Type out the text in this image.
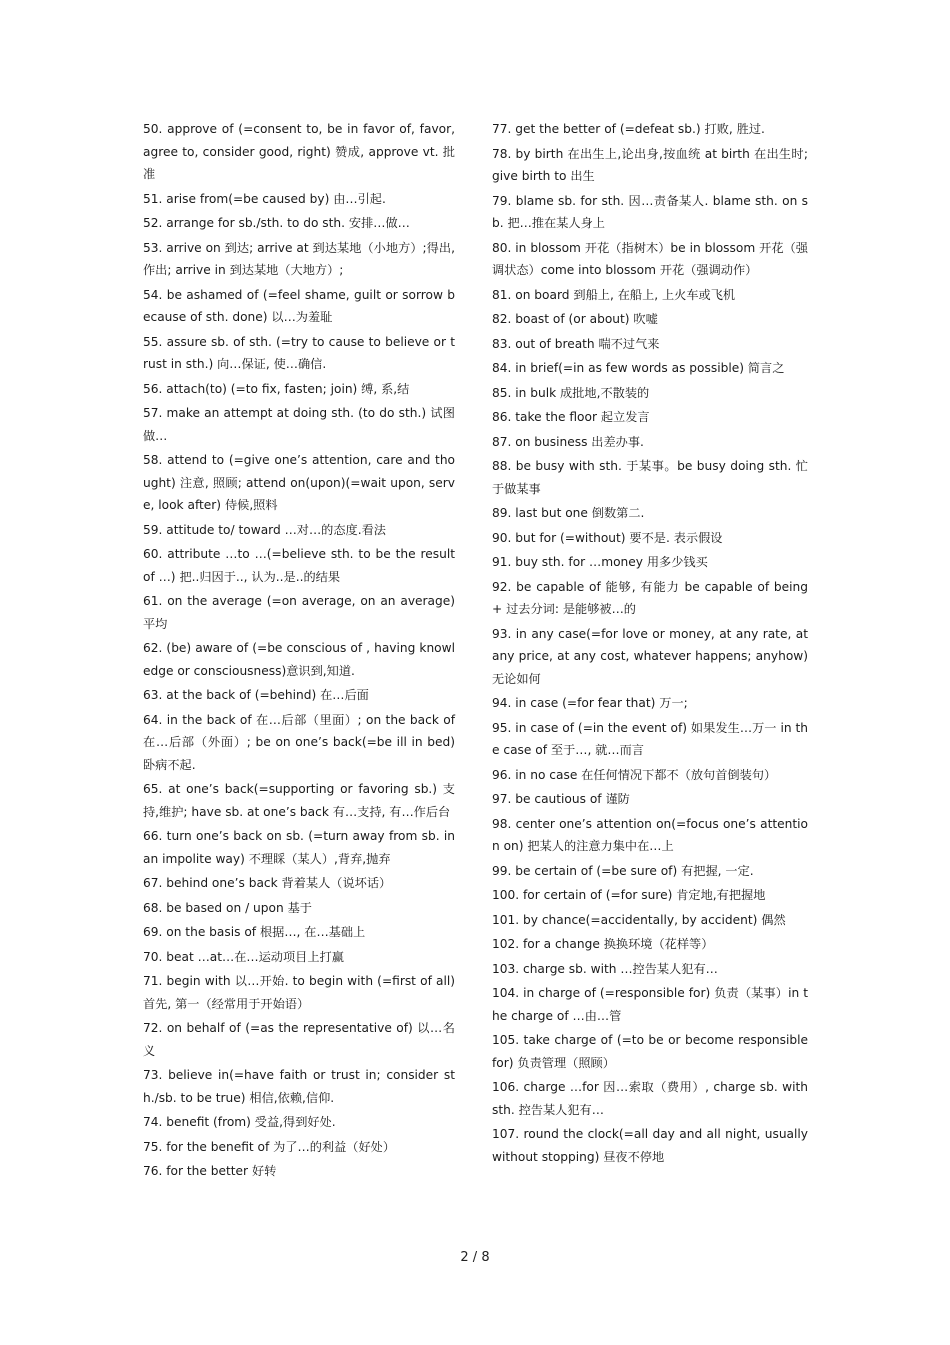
50. approve of (=consent to, be in favor of, favor, agree to, consider good, right) 赞成, approve vt. 批准

51. arise from(=be caused by) 由…引起.

52. arrange for sb./sth. to do sth. 安排…做…

53. arrive on 到达; arrive at 到达某地（小地方）;得出, 作出; arrive in 到达某地（大地方）;

54. be ashamed of (=feel shame, guilt or sorrow because of sth. done) 以…为羞耻

55. assure sb. of sth. (=try to cause to believe or trust in sth.) 向…保证, 使…确信.

56. attach(to) (=to fix, fasten; join) 缚, 系,结

57. make an attempt at doing sth. (to do sth.) 试图做…

58. attend to (=give one’s attention, care and thought) 注意, 照顾; attend on(upon)(=wait upon, serve, look after) 侍候,照料

59. attitude to/ toward …对…的态度.看法

60. attribute …to …(=believe sth. to be the result of …) 把..归因于.., 认为..是..的结果

61. on the average (=on average, on an average)平均

62. (be) aware of (=be conscious of , having knowledge or consciousness)意识到,知道.

63. at the back of (=behind) 在…后面

64. in the back of 在…后部（里面）; on the back of 在…后部（外面）; be on one’s back(=be ill in bed) 卧病不起.

65. at one’s back(=supporting or favoring sb.) 支持,维护; have sb. at one’s back 有…支持, 有…作后台

66. turn one’s back on sb. (=turn away from sb. in an impolite way) 不理睬（某人）,背弃,抛弃

67. behind one’s back 背着某人（说坏话）

68. be based on / upon 基于

69. on the basis of 根据…, 在…基础上

70. beat …at…在…运动项目上打赢

71. begin with 以…开始. to begin with (=first of all) 首先, 第一（经常用于开始语）

72. on behalf of (=as the representative of) 以…名义

73. believe in(=have faith or trust in; consider sth./sb. to be true) 相信,依赖,信仰.

74. benefit (from) 受益,得到好处.

75. for the benefit of 为了…的利益（好处）

76. for the better 好转

77. get the better of (=defeat sb.) 打败, 胜过.

78. by birth 在出生上,论出身,按血统 at birth 在出生时; give birth to 出生

79. blame sb. for sth. 因…责备某人. blame sth. on sb. 把…推在某人身上

80. in blossom 开花（指树木）be in blossom 开花（强调状态）come into blossom 开花（强调动作）

81. on board 到船上, 在船上, 上火车或飞机

82. boast of (or about) 吹嘘

83. out of breath 喘不过气来

84. in brief(=in as few words as possible) 简言之

85. in bulk 成批地,不散装的

86. take the floor 起立发言

87. on business 出差办事.

88. be busy with sth. 于某事。be busy doing sth. 忙于做某事

89. last but one 倒数第二.

90. but for (=without) 要不是. 表示假设

91. buy sth. for …money 用多少钱买

92. be capable of 能够, 有能力 be capable of being + 过去分词: 是能够被…的

93. in any case(=for love or money, at any rate, at any price, at any cost, whatever happens; anyhow) 无论如何

94. in case (=for fear that) 万一;

95. in case of (=in the event of) 如果发生…万一 in the case of 至于…, 就…而言

96. in no case 在任何情况下都不（放句首倒装句）

97. be cautious of 谨防

98. center one’s attention on(=focus one’s attention on) 把某人的注意力集中在…上

99. be certain of (=be sure of) 有把握, 一定.

100. for certain of (=for sure) 肯定地,有把握地

101. by chance(=accidentally, by accident) 偶然

102. for a change 换换环境（花样等）

103. charge sb. with …控告某人犯有…

104. in charge of (=responsible for) 负责（某事）in the charge of …由…管

105. take charge of (=to be or become responsible for) 负责管理（照顾）

106. charge …for 因…索取（费用）, charge sb. with sth. 控告某人犯有…

107. round the clock(=all day and all night, usually without stopping) 昼夜不停地

2 / 8
